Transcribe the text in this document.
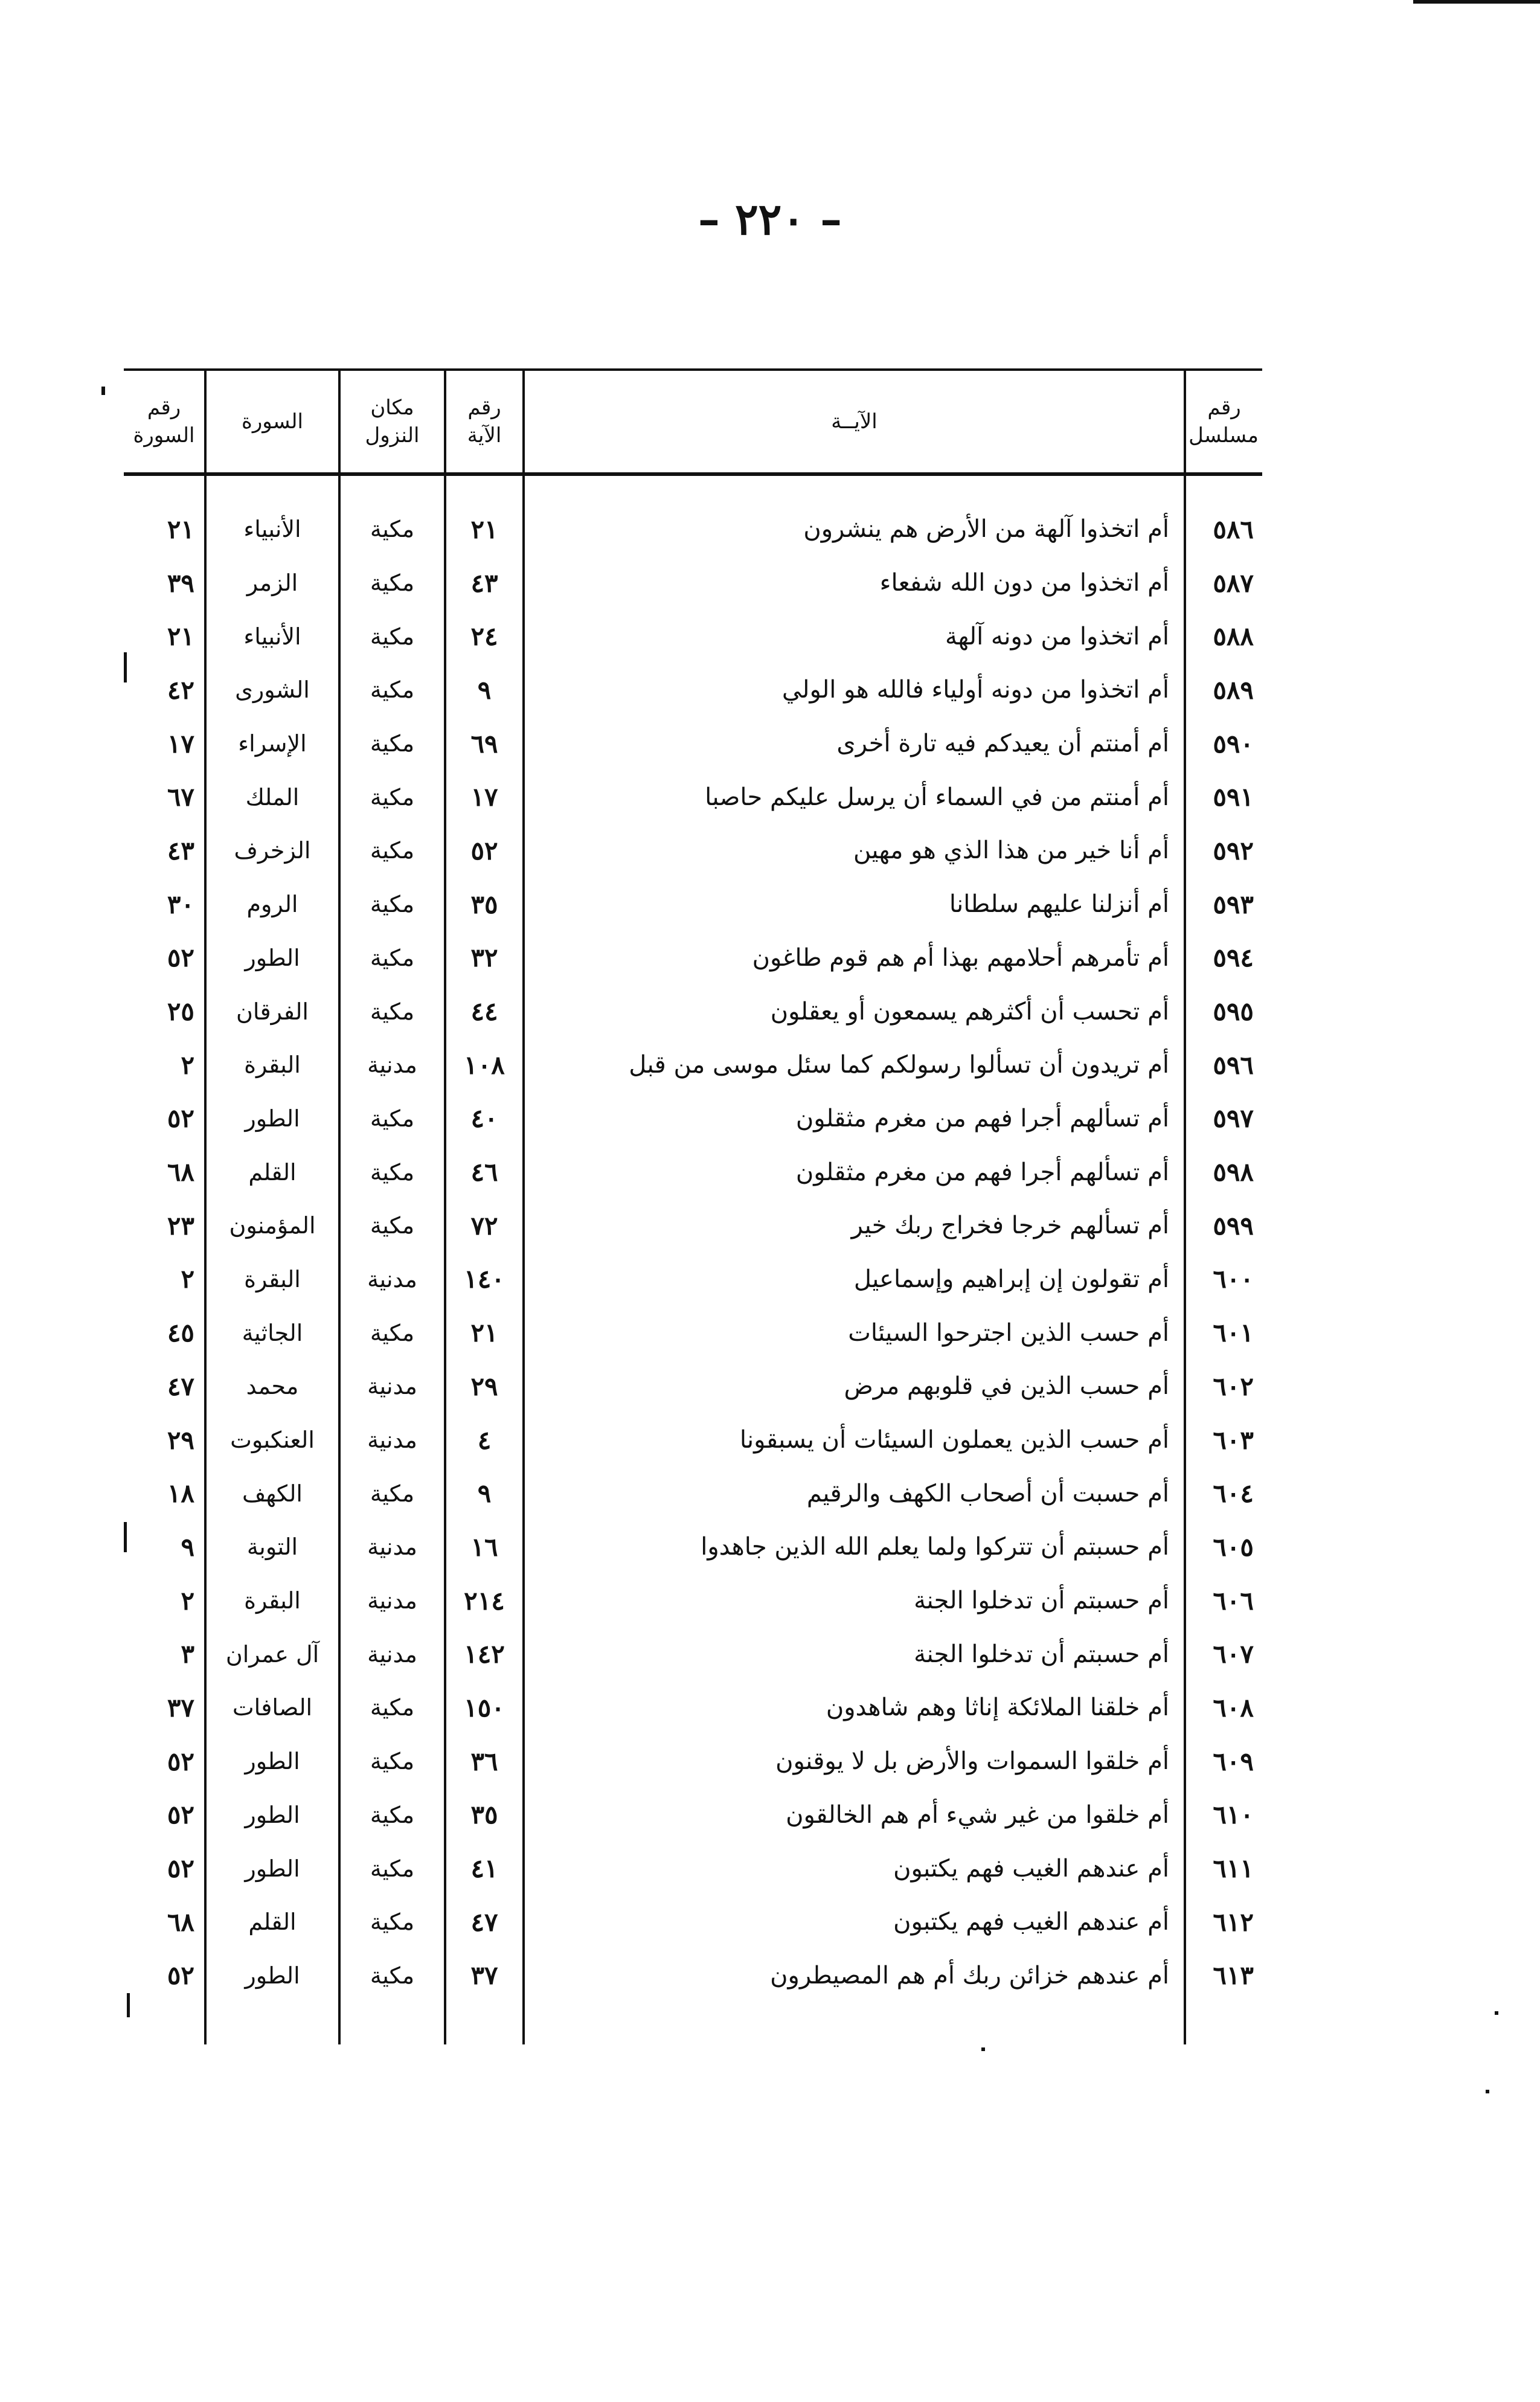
– ٢٢٠ –
رقم مسلسل	الآيــة	رقم الآية	مكان النزول	السورة	رقم السورة

٥٨٦	أم اتخذوا آلهة من الأرض هم ينشرون	٢١	مكية	الأنبياء	٢١
٥٨٧	أم اتخذوا من دون الله شفعاء	٤٣	مكية	الزمر	٣٩
٥٨٨	أم اتخذوا من دونه آلهة	٢٤	مكية	الأنبياء	٢١
٥٨٩	أم اتخذوا من دونه أولياء فالله هو الولي	٩	مكية	الشورى	٤٢
٥٩٠	أم أمنتم أن يعيدكم فيه تارة أخرى	٦٩	مكية	الإسراء	١٧
٥٩١	أم أمنتم من في السماء أن يرسل عليكم حاصبا	١٧	مكية	الملك	٦٧
٥٩٢	أم أنا خير من هذا الذي هو مهين	٥٢	مكية	الزخرف	٤٣
٥٩٣	أم أنزلنا عليهم سلطانا	٣٥	مكية	الروم	٣٠
٥٩٤	أم تأمرهم أحلامهم بهذا أم هم قوم طاغون	٣٢	مكية	الطور	٥٢
٥٩٥	أم تحسب أن أكثرهم يسمعون أو يعقلون	٤٤	مكية	الفرقان	٢٥
٥٩٦	أم تريدون أن تسألوا رسولكم كما سئل موسى من قبل	١٠٨	مدنية	البقرة	٢
٥٩٧	أم تسألهم أجرا فهم من مغرم مثقلون	٤٠	مكية	الطور	٥٢
٥٩٨	أم تسألهم أجرا فهم من مغرم مثقلون	٤٦	مكية	القلم	٦٨
٥٩٩	أم تسألهم خرجا فخراج ربك خير	٧٢	مكية	المؤمنون	٢٣
٦٠٠	أم تقولون إن إبراهيم وإسماعيل	١٤٠	مدنية	البقرة	٢
٦٠١	أم حسب الذين اجترحوا السيئات	٢١	مكية	الجاثية	٤٥
٦٠٢	أم حسب الذين في قلوبهم مرض	٢٩	مدنية	محمد	٤٧
٦٠٣	أم حسب الذين يعملون السيئات أن يسبقونا	٤	مدنية	العنكبوت	٢٩
٦٠٤	أم حسبت أن أصحاب الكهف والرقيم	٩	مكية	الكهف	١٨
٦٠٥	أم حسبتم أن تتركوا ولما يعلم الله الذين جاهدوا	١٦	مدنية	التوبة	٩
٦٠٦	أم حسبتم أن تدخلوا الجنة	٢١٤	مدنية	البقرة	٢
٦٠٧	أم حسبتم أن تدخلوا الجنة	١٤٢	مدنية	آل عمران	٣
٦٠٨	أم خلقنا الملائكة إناثا وهم شاهدون	١٥٠	مكية	الصافات	٣٧
٦٠٩	أم خلقوا السموات والأرض بل لا يوقنون	٣٦	مكية	الطور	٥٢
٦١٠	أم خلقوا من غير شيء أم هم الخالقون	٣٥	مكية	الطور	٥٢
٦١١	أم عندهم الغيب فهم يكتبون	٤١	مكية	الطور	٥٢
٦١٢	أم عندهم الغيب فهم يكتبون	٤٧	مكية	القلم	٦٨
٦١٣	أم عندهم خزائن ربك أم هم المصيطرون	٣٧	مكية	الطور	٥٢
